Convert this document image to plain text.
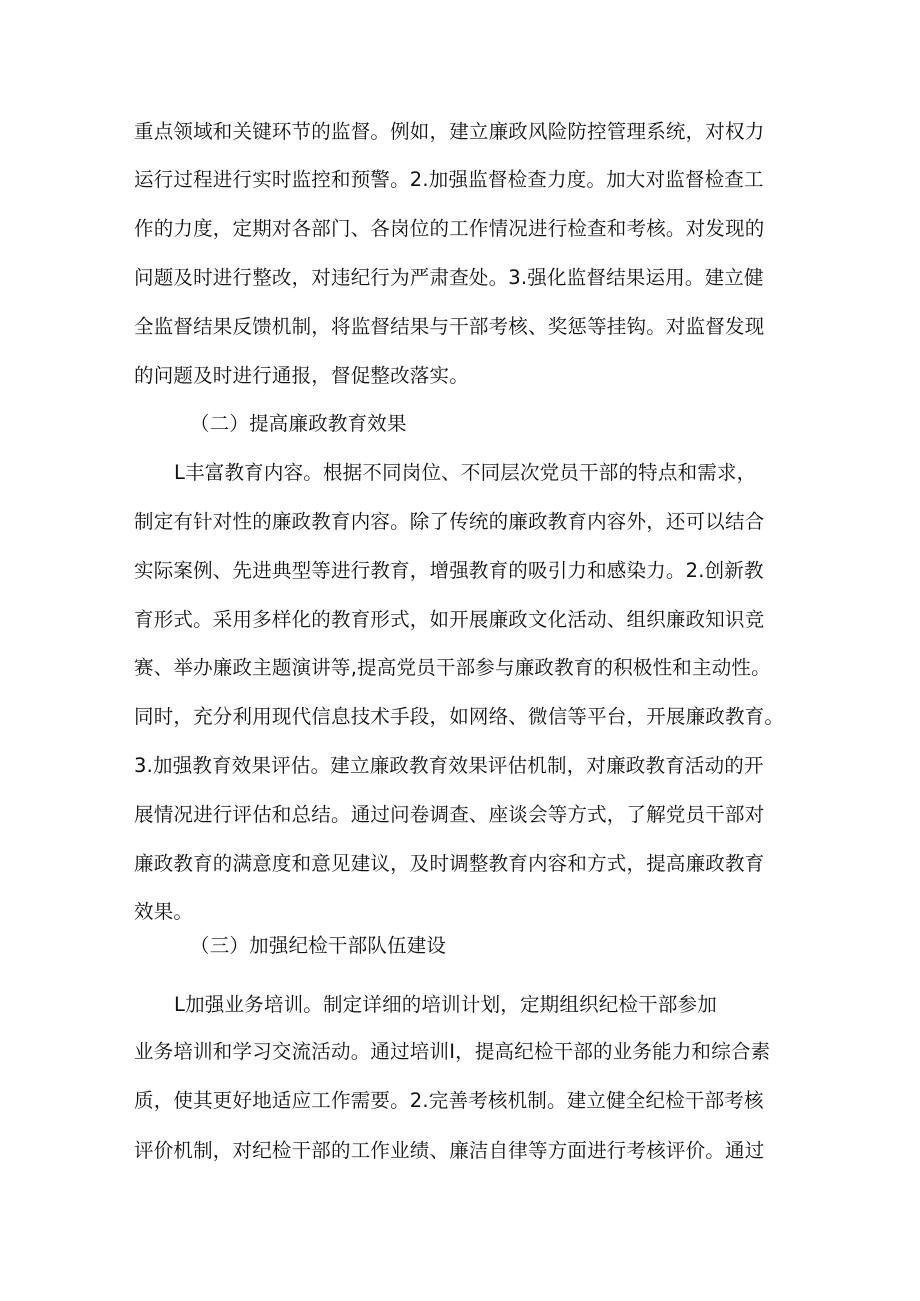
重点领域和关键环节的监督。例如，建立廉政风险防控管理系统，对权力
运行过程进行实时监控和预警。2.加强监督检查力度。加大对监督检查工
作的力度，定期对各部门、各岗位的工作情况进行检查和考核。对发现的
问题及时进行整改，对违纪行为严肃查处。3.强化监督结果运用。建立健
全监督结果反馈机制，将监督结果与干部考核、奖惩等挂钩。对监督发现
的问题及时进行通报，督促整改落实。
（二）提高廉政教育效果
L丰富教育内容。根据不同岗位、不同层次党员干部的特点和需求，
制定有针对性的廉政教育内容。除了传统的廉政教育内容外，还可以结合
实际案例、先进典型等进行教育，增强教育的吸引力和感染力。2.创新教
育形式。采用多样化的教育形式，如开展廉政文化活动、组织廉政知识竞
赛、举办廉政主题演讲等,提高党员干部参与廉政教育的积极性和主动性。
同时，充分利用现代信息技术手段，如网络、微信等平台，开展廉政教育。
3.加强教育效果评估。建立廉政教育效果评估机制，对廉政教育活动的开
展情况进行评估和总结。通过问卷调查、座谈会等方式，了解党员干部对
廉政教育的满意度和意见建议，及时调整教育内容和方式，提高廉政教育
效果。
（三）加强纪检干部队伍建设
L加强业务培训。制定详细的培训计划，定期组织纪检干部参加
业务培训和学习交流活动。通过培训I，提高纪检干部的业务能力和综合素
质，使其更好地适应工作需要。2.完善考核机制。建立健全纪检干部考核
评价机制，对纪检干部的工作业绩、廉洁自律等方面进行考核评价。通过
